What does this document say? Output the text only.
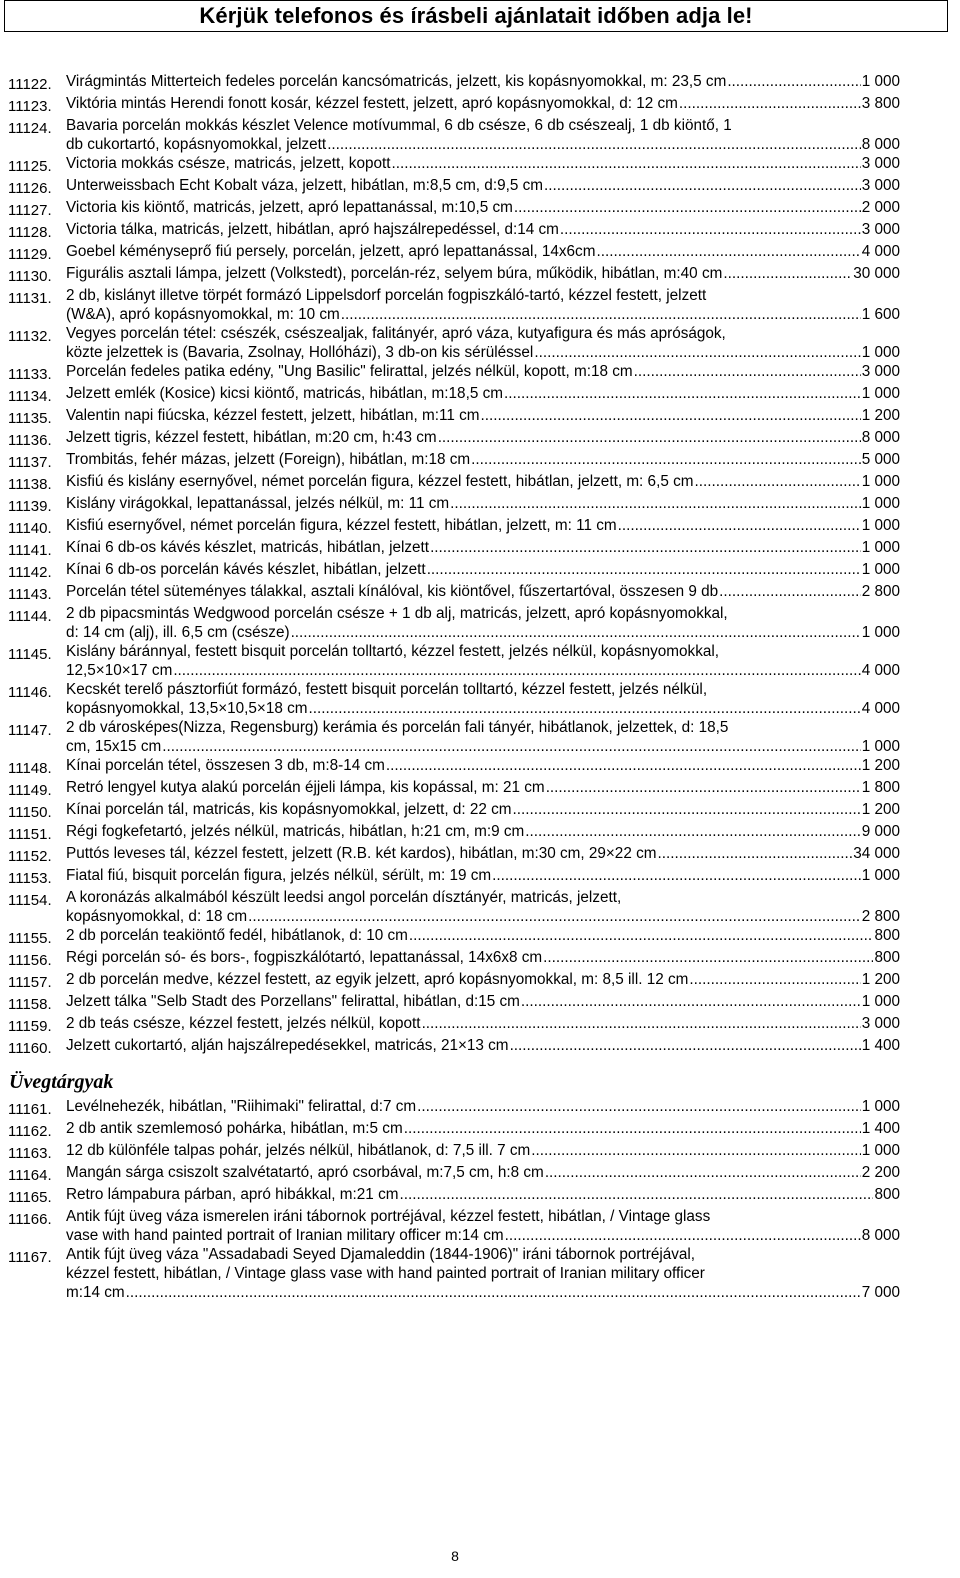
Kérjük telefonos és írásbeli ajánlatait időben adja le!
11122. Virágmintás Mitterteich fedeles porcelán kancsómatricás, jelzett, kis kopásnyomokkal, m: 23,5 cm .....	1 000
11123. Viktória mintás Herendi fonott kosár, kézzel festett, jelzett, apró kopásnyomokkal, d: 12 cm .....	3 800
11124. Bavaria porcelán mokkás készlet Velence motívummal, 6 db csésze, 6 db csészealj, 1 db kiöntő, 1
db cukortartó, kopásnyomokkal, jelzett .....	8 000
11125. Victoria mokkás csésze, matricás, jelzett, kopott .....	3 000
11126. Unterweissbach Echt Kobalt váza, jelzett, hibátlan, m:8,5 cm, d:9,5 cm .....	3 000
11127. Victoria kis kiöntő, matricás, jelzett, apró lepattanással, m:10,5 cm .....	2 000
11128. Victoria tálka, matricás, jelzett, hibátlan, apró hajszálrepedéssel, d:14 cm .....	3 000
11129. Goebel kéményseprő fiú persely, porcelán, jelzett, apró lepattanással, 14x6cm .....	4 000
11130. Figurális asztali lámpa, jelzett (Volkstedt), porcelán-réz, selyem búra, működik, hibátlan, m:40 cm .....	30 000
11131. 2 db, kislányt illetve törpét formázó Lippelsdorf porcelán fogpiszkáló-tartó, kézzel festett, jelzett
(W&A), apró kopásnyomokkal, m: 10 cm .....	1 600
11132. Vegyes porcelán tétel: csészék, csészealjak, falitányér, apró váza, kutyafigura és más apróságok,
közte jelzettek is (Bavaria, Zsolnay, Hollóházi), 3 db-on kis sérüléssel .....	1 000
11133. Porcelán fedeles patika edény, "Ung Basilic" felirattal, jelzés nélkül, kopott, m:18 cm .....	3 000
11134. Jelzett emlék (Kosice) kicsi kiöntő, matricás, hibátlan, m:18,5 cm .....	1 000
11135. Valentin napi fiúcska, kézzel festett, jelzett, hibátlan, m:11 cm .....	1 200
11136. Jelzett tigris, kézzel festett, hibátlan, m:20 cm, h:43 cm .....	8 000
11137. Trombitás, fehér mázas, jelzett (Foreign), hibátlan, m:18 cm .....	5 000
11138. Kisfiú és kislány esernyővel, német porcelán figura, kézzel festett, hibátlan, jelzett, m: 6,5 cm .....	1 000
11139. Kislány virágokkal, lepattanással, jelzés nélkül, m: 11 cm .....	1 000
11140. Kisfiú esernyővel, német porcelán figura, kézzel festett, hibátlan, jelzett, m: 11 cm .....	1 000
11141. Kínai 6 db-os kávés készlet, matricás, hibátlan, jelzett .....	1 000
11142. Kínai 6 db-os porcelán kávés készlet, hibátlan, jelzett .....	1 000
11143. Porcelán tétel süteményes tálakkal, asztali kínálóval, kis kiöntővel, fűszertartóval, összesen 9 db .....	2 800
11144. 2 db pipacsmintás Wedgwood porcelán csésze + 1 db alj, matricás, jelzett, apró kopásnyomokkal,
d: 14 cm (alj), ill. 6,5 cm (csésze) .....	1 000
11145. Kislány báránnyal, festett bisquit porcelán tolltartó, kézzel festett, jelzés nélkül, kopásnyomokkal,
12,5×10×17 cm .....	4 000
11146. Kecskét terelő pásztorfiút formázó, festett bisquit porcelán tolltartó, kézzel festett, jelzés nélkül,
kopásnyomokkal, 13,5×10,5×18 cm .....	4 000
11147. 2 db városképes(Nizza, Regensburg) kerámia és porcelán fali tányér, hibátlanok, jelzettek, d: 18,5
cm, 15x15 cm .....	1 000
11148. Kínai porcelán tétel, összesen 3 db, m:8-14 cm .....	1 200
11149. Retró lengyel kutya alakú porcelán éjjeli lámpa, kis kopással, m: 21 cm .....	1 800
11150. Kínai porcelán tál, matricás, kis kopásnyomokkal, jelzett, d: 22 cm .....	1 200
11151. Régi fogkefetartó, jelzés nélkül, matricás, hibátlan, h:21 cm, m:9 cm .....	9 000
11152. Puttós leveses tál, kézzel festett, jelzett (R.B. két kardos), hibátlan, m:30 cm, 29×22 cm .....	34 000
11153. Fiatal fiú, bisquit porcelán figura, jelzés nélkül, sérült, m: 19 cm .....	1 000
11154. A koronázás alkalmából készült leedsi angol porcelán dísztányér, matricás, jelzett,
kopásnyomokkal, d: 18 cm .....	2 800
11155. 2 db porcelán teakiöntő fedél, hibátlanok, d: 10 cm .....	800
11156. Régi porcelán só- és bors-, fogpiszkálótartó, lepattanással, 14x6x8 cm .....	800
11157. 2 db porcelán medve, kézzel festett, az egyik jelzett, apró kopásnyomokkal, m: 8,5 ill. 12 cm .....	1 200
11158. Jelzett tálka "Selb Stadt des Porzellans" felirattal, hibátlan, d:15 cm .....	1 000
11159. 2 db teás csésze, kézzel festett, jelzés nélkül, kopott .....	3 000
11160. Jelzett cukortartó, alján hajszálrepedésekkel, matricás, 21×13 cm .....	1 400
Üvegtárgyak
11161. Levélnehezék, hibátlan, "Riihimaki" felirattal, d:7 cm .....	1 000
11162. 2 db antik szemlemosó pohárka, hibátlan, m:5 cm .....	1 400
11163. 12 db különféle talpas pohár, jelzés nélkül, hibátlanok, d: 7,5 ill. 7 cm .....	1 000
11164. Mangán sárga csiszolt szalvétatartó, apró csorbával, m:7,5 cm, h:8 cm .....	2 200
11165. Retro lámpabura párban, apró hibákkal, m:21 cm .....	800
11166. Antik fújt üveg váza ismerelen iráni tábornok portréjával, kézzel festett, hibátlan, / Vintage glass
vase with hand painted portrait of Iranian military officer m:14 cm .....	8 000
11167. Antik fújt üveg váza "Assadabadi Seyed Djamaleddin (1844-1906)" iráni tábornok portréjával,
kézzel festett, hibátlan, / Vintage glass vase with hand painted portrait of Iranian military officer
m:14 cm .....	7 000
8
